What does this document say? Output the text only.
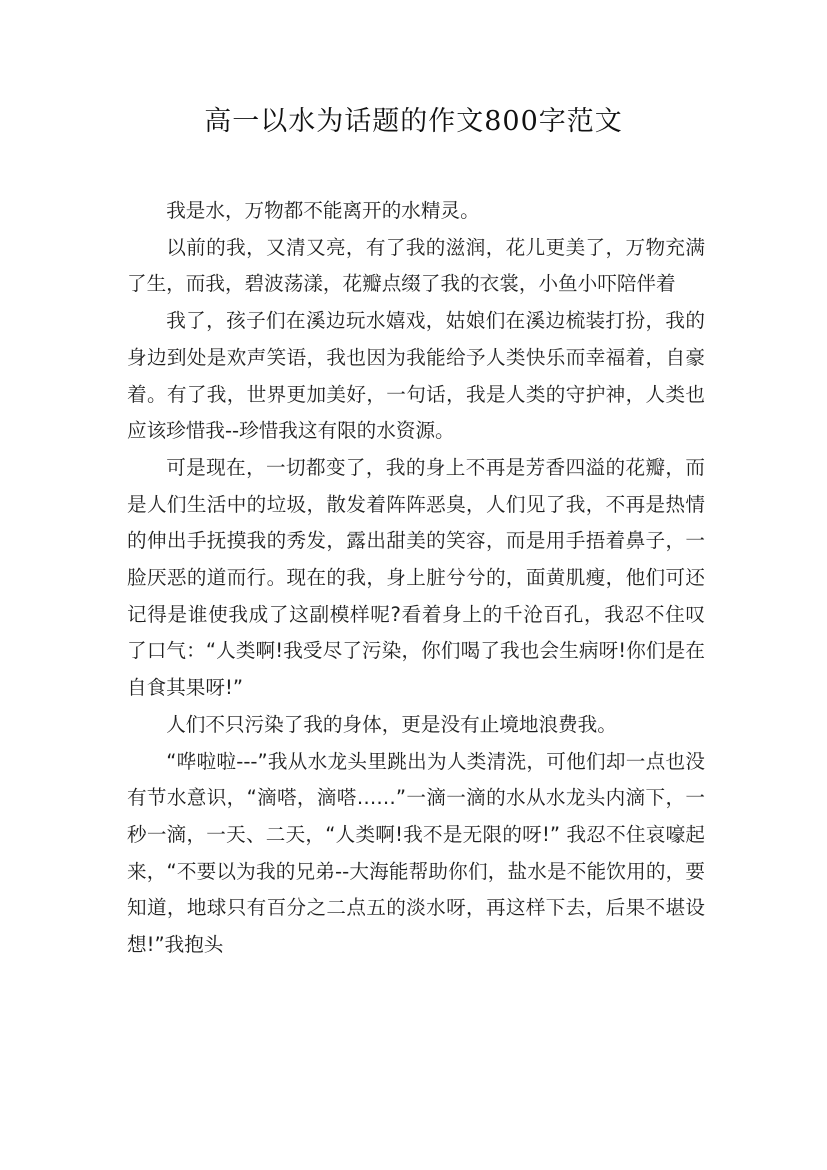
高一以水为话题的作文800字范文

我是水，万物都不能离开的水精灵。

以前的我，又清又亮，有了我的滋润，花儿更美了，万物充满了生，而我，碧波荡漾，花瓣点缀了我的衣裳，小鱼小吓陪伴着

我了，孩子们在溪边玩水嬉戏，姑娘们在溪边梳装打扮，我的身边到处是欢声笑语，我也因为我能给予人类快乐而幸福着，自豪着。有了我，世界更加美好，一句话，我是人类的守护神，人类也应该珍惜我--珍惜我这有限的水资源。

可是现在，一切都变了，我的身上不再是芳香四溢的花瓣，而是人们生活中的垃圾，散发着阵阵恶臭，人们见了我，不再是热情的伸出手抚摸我的秀发，露出甜美的笑容，而是用手捂着鼻子，一脸厌恶的道而行。现在的我，身上脏兮兮的，面黄肌瘦，他们可还记得是谁使我成了这副模样呢?看着身上的千沧百孔，我忍不住叹了口气：“人类啊!我受尽了污染，你们喝了我也会生病呀!你们是在自食其果呀!”

人们不只污染了我的身体，更是没有止境地浪费我。

“哗啦啦---”我从水龙头里跳出为人类清洗，可他们却一点也没有节水意识，“滴嗒，滴嗒……”一滴一滴的水从水龙头内滴下，一秒一滴，一天、二天，“人类啊!我不是无限的呀!” 我忍不住哀嚎起来，“不要以为我的兄弟--大海能帮助你们，盐水是不能饮用的，要知道，地球只有百分之二点五的淡水呀，再这样下去，后果不堪设想!”我抱头
